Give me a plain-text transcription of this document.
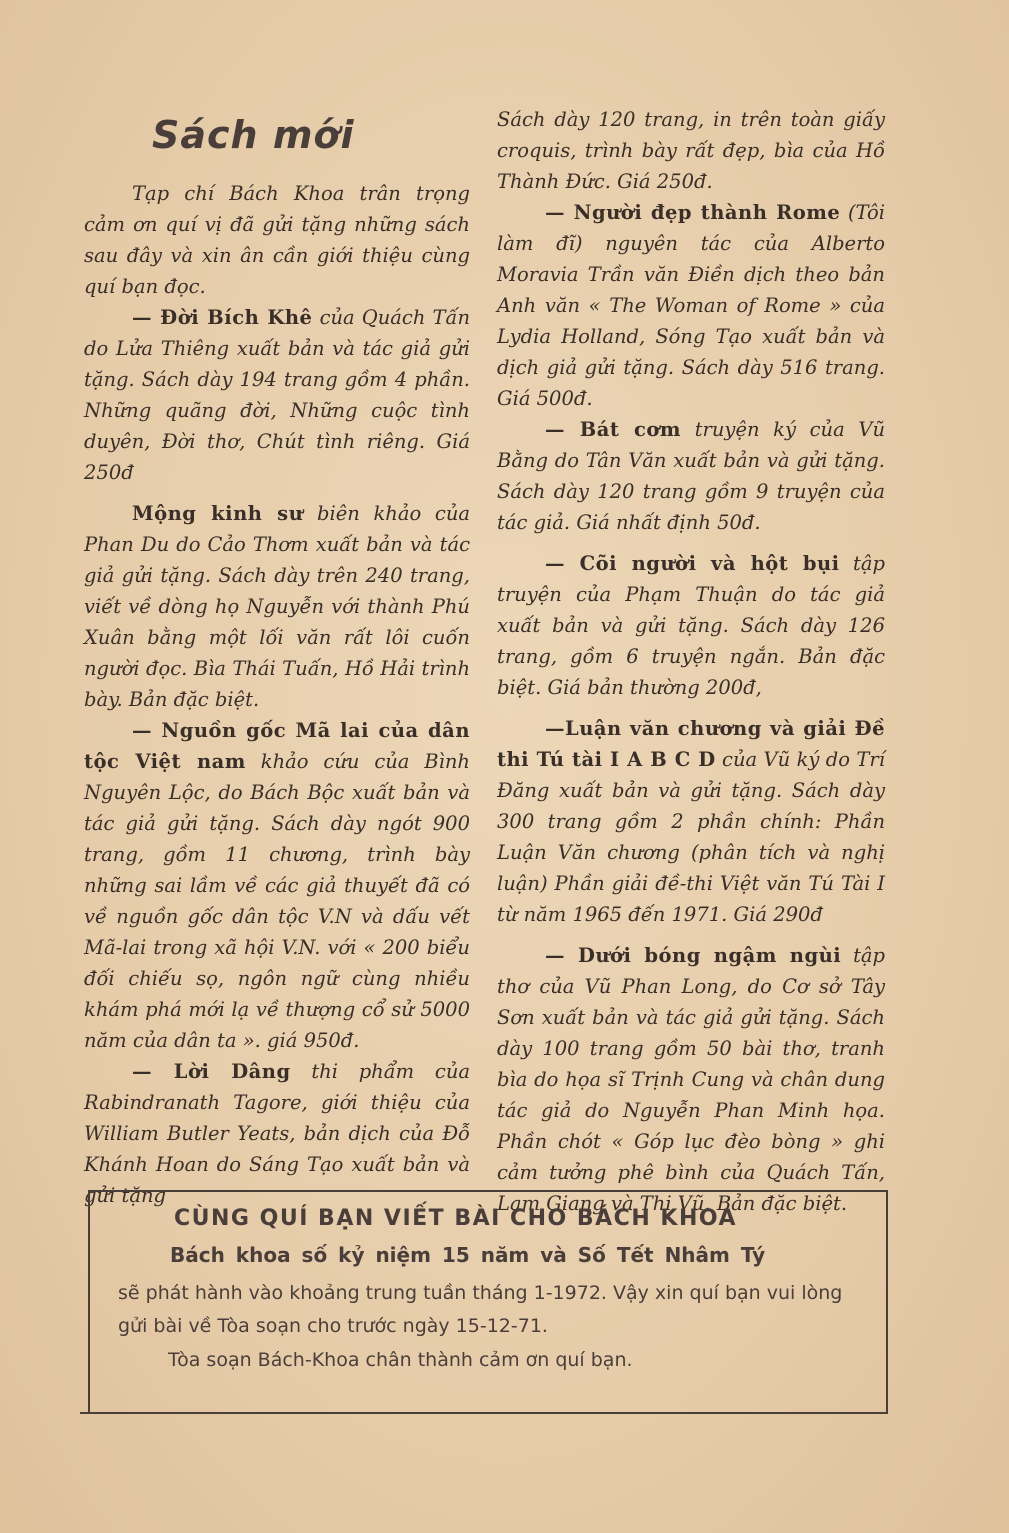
Sách mới

Tạp chí Bách Khoa trân trọng cảm ơn quí vị đã gửi tặng những sách sau đây và xin ân cần giới thiệu cùng quí bạn đọc.

— Đời Bích Khê của Quách Tấn do Lửa Thiêng xuất bản và tác giả gửi tặng. Sách dày 194 trang gồm 4 phần. Những quãng đời, Những cuộc tình duyên, Đời thơ, Chút tình riêng. Giá 250đ

Mộng kinh sư biên khảo của Phan Du do Cảo Thơm xuất bản và tác giả gửi tặng. Sách dày trên 240 trang, viết về dòng họ Nguyễn với thành Phú Xuân bằng một lối văn rất lôi cuốn người đọc. Bìa Thái Tuấn, Hồ Hải trình bày. Bản đặc biệt.

— Nguồn gốc Mã lai của dân tộc Việt nam khảo cứu của Bình Nguyên Lộc, do Bách Bộc xuất bản và tác giả gửi tặng. Sách dày ngót 900 trang, gồm 11 chương, trình bày những sai lầm về các giả thuyết đã có về nguồn gốc dân tộc V.N và dấu vết Mã-lai trong xã hội V.N. với « 200 biểu đối chiếu sọ, ngôn ngữ cùng nhiều khám phá mới lạ về thượng cổ sử 5000 năm của dân ta ». giá 950đ.

— Lời Dâng thi phẩm của Rabindranath Tagore, giới thiệu của William Butler Yeats, bản dịch của Đỗ Khánh Hoan do Sáng Tạo xuất bản và gửi tặng

Sách dày 120 trang, in trên toàn giấy croquis, trình bày rất đẹp, bìa của Hồ Thành Đức. Giá 250đ.

— Người đẹp thành Rome (Tôi làm đĩ) nguyên tác của Alberto Moravia Trần văn Điền dịch theo bản Anh văn « The Woman of Rome » của Lydia Holland, Sóng Tạo xuất bản và dịch giả gửi tặng. Sách dày 516 trang. Giá 500đ.

— Bát cơm truyện ký của Vũ Bằng do Tân Văn xuất bản và gửi tặng. Sách dày 120 trang gồm 9 truyện của tác giả. Giá nhất định 50đ.

— Cõi người và hột bụi tập truyện của Phạm Thuận do tác giả xuất bản và gửi tặng. Sách dày 126 trang, gồm 6 truyện ngắn. Bản đặc biệt. Giá bản thường 200đ,

—Luận văn chương và giải Đề thi Tú tài I A B C D của Vũ ký do Trí Đăng xuất bản và gửi tặng. Sách dày 300 trang gồm 2 phần chính: Phần Luận Văn chương (phân tích và nghị luận) Phần giải đề-thi Việt văn Tú Tài I từ năm 1965 đến 1971. Giá 290đ

— Dưới bóng ngậm ngùi tập thơ của Vũ Phan Long, do Cơ sở Tây Sơn xuất bản và tác giả gửi tặng. Sách dày 100 trang gồm 50 bài thơ, tranh bìa do họa sĩ Trịnh Cung và chân dung tác giả do Nguyễn Phan Minh họa. Phần chót « Góp lục đèo bòng » ghi cảm tưởng phê bình của Quách Tấn, Lam Giang và Thi Vũ. Bản đặc biệt.

CÙNG QUÍ BẠN VIẾT BÀI CHO BÁCH KHOA
Bách khoa số kỷ niệm 15 năm và Số Tết Nhâm Tý
sẽ phát hành vào khoảng trung tuần tháng 1-1972. Vậy xin quí bạn vui lòng gửi bài về Tòa soạn cho trước ngày 15-12-71.
Tòa soạn Bách-Khoa chân thành cảm ơn quí bạn.
